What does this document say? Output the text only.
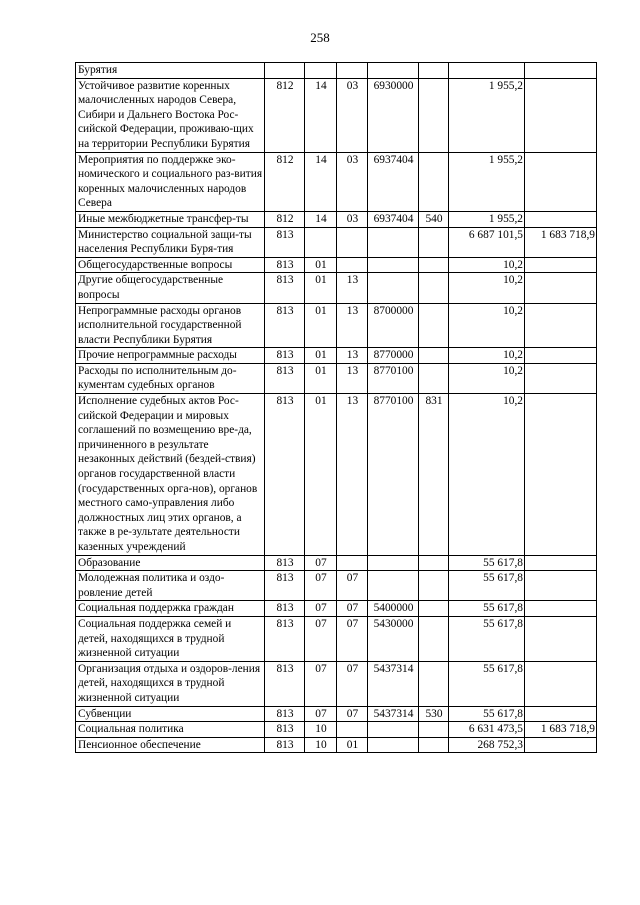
258
Бурятия							
Устойчивое развитие коренных малочисленных народов Севера, Сибири и Дальнего Востока Рос-сийской Федерации, проживаю-щих на территории Республики Бурятия	812	14	03	6930000		1 955,2	
Мероприятия по поддержке эко-номического и социального раз-вития коренных малочисленных народов Севера	812	14	03	6937404		1 955,2	
Иные межбюджетные трансфер-ты	812	14	03	6937404	540	1 955,2	
Министерство социальной защи-ты населения Республики Буря-тия	813					6 687 101,5	1 683 718,9
Общегосударственные вопросы	813	01				10,2	
Другие общегосударственные вопросы	813	01	13			10,2	
Непрограммные расходы органов исполнительной государственной власти Республики Бурятия	813	01	13	8700000		10,2	
Прочие непрограммные расходы	813	01	13	8770000		10,2	
Расходы по исполнительным до-кументам судебных органов	813	01	13	8770100		10,2	
Исполнение судебных актов Рос-сийской Федерации и мировых соглашений по возмещению вре-да, причиненного в результате незаконных действий (бездей-ствия) органов государственной власти (государственных орга-нов), органов местного само-управления либо должностных лиц этих органов, а также в ре-зультате деятельности казенных учреждений	813	01	13	8770100	831	10,2	
Образование	813	07				55 617,8	
Молодежная политика и оздо-ровление детей	813	07	07			55 617,8	
Социальная поддержка граждан	813	07	07	5400000		55 617,8	
Социальная поддержка семей и детей, находящихся в трудной жизненной ситуации	813	07	07	5430000		55 617,8	
Организация отдыха и оздоров-ления детей, находящихся в трудной жизненной ситуации	813	07	07	5437314		55 617,8	
Субвенции	813	07	07	5437314	530	55 617,8	
Социальная политика	813	10				6 631 473,5	1 683 718,9
Пенсионное обеспечение	813	10	01			268 752,3	
